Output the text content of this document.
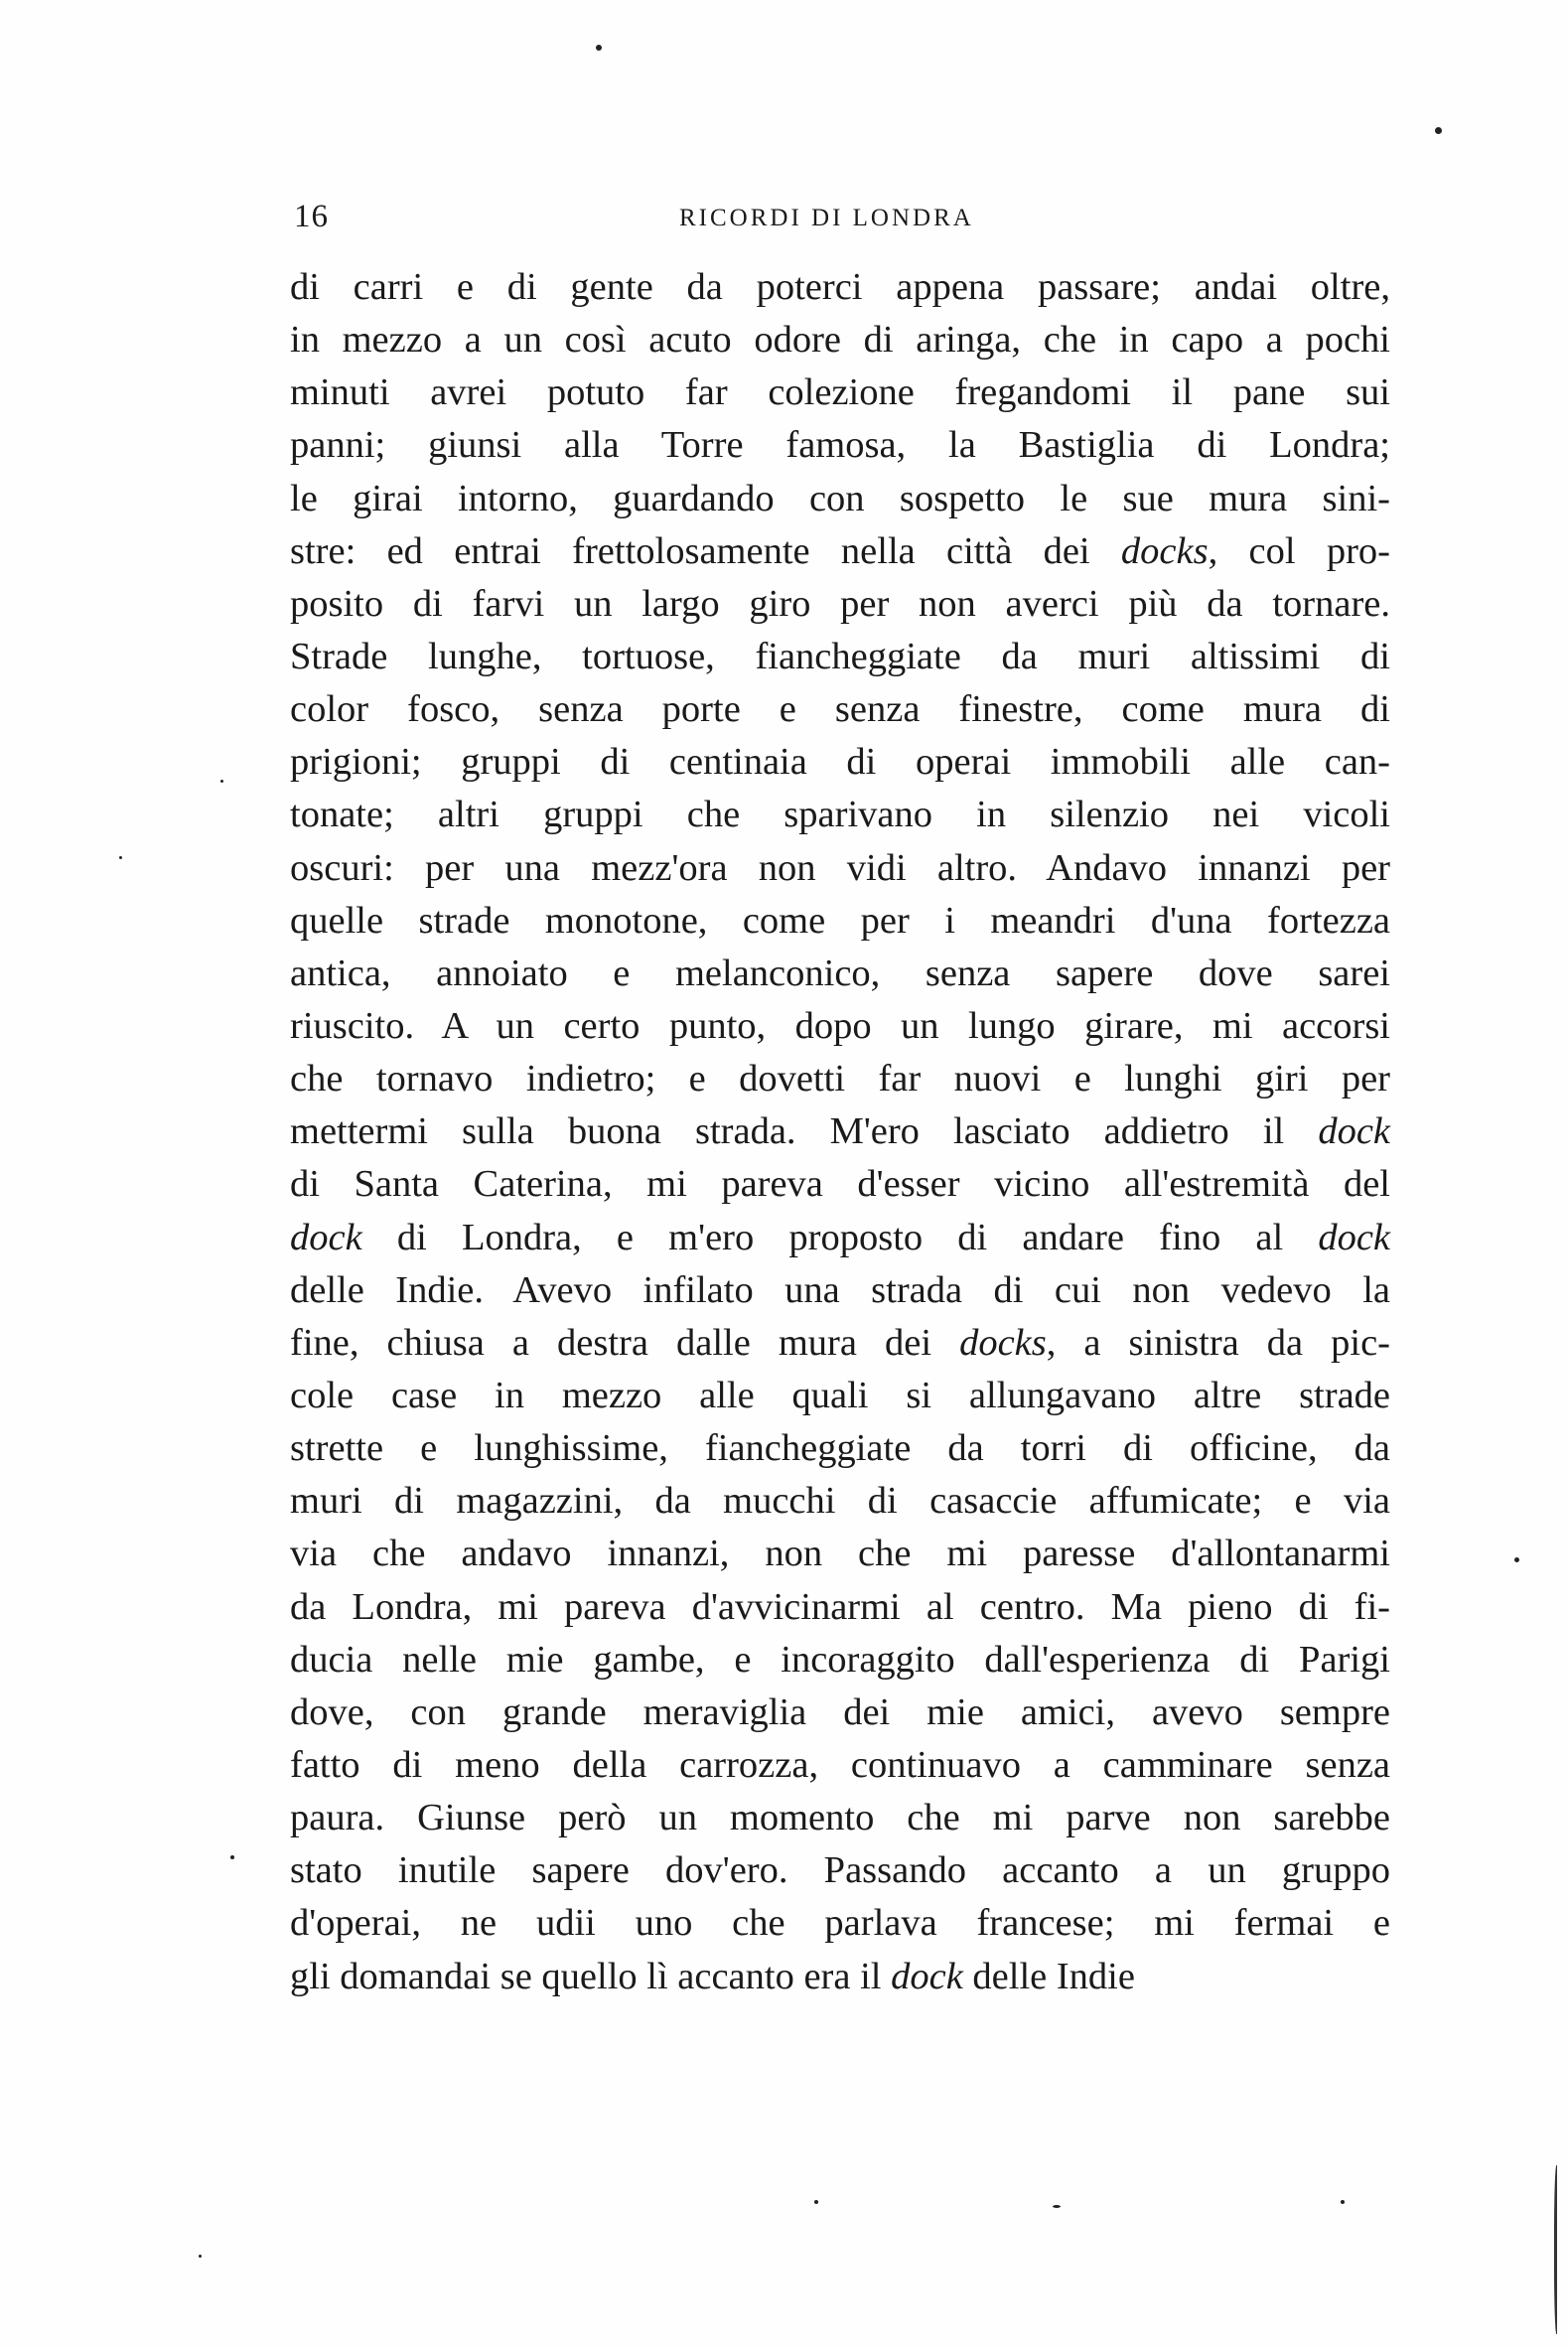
16	RICORDI DI LONDRA
di carri e di gente da poterci appena passare; andai oltre,
in mezzo a un così acuto odore di aringa, che in capo a pochi
minuti avrei potuto far colezione fregandomi il pane sui
panni; giunsi alla Torre famosa, la Bastiglia di Londra;
le girai intorno, guardando con sospetto le sue mura sini-
stre: ed entrai frettolosamente nella città dei docks, col pro-
posito di farvi un largo giro per non averci più da tornare.
Strade lunghe, tortuose, fiancheggiate da muri altissimi di
color fosco, senza porte e senza finestre, come mura di
prigioni; gruppi di centinaia di operai immobili alle can-
tonate; altri gruppi che sparivano in silenzio nei vicoli
oscuri: per una mezz'ora non vidi altro. Andavo innanzi per
quelle strade monotone, come per i meandri d'una fortezza
antica, annoiato e melanconico, senza sapere dove sarei
riuscito. A un certo punto, dopo un lungo girare, mi accorsi
che tornavo indietro; e dovetti far nuovi e lunghi giri per
mettermi sulla buona strada. M'ero lasciato addietro il dock
di Santa Caterina, mi pareva d'esser vicino all'estremità del
dock di Londra, e m'ero proposto di andare fino al dock
delle Indie. Avevo infilato una strada di cui non vedevo la
fine, chiusa a destra dalle mura dei docks, a sinistra da pic-
cole case in mezzo alle quali si allungavano altre strade
strette e lunghissime, fiancheggiate da torri di officine, da
muri di magazzini, da mucchi di casaccie affumicate; e via
via che andavo innanzi, non che mi paresse d'allontanarmi
da Londra, mi pareva d'avvicinarmi al centro. Ma pieno di fi-
ducia nelle mie gambe, e incoraggito dall'esperienza di Parigi
dove, con grande meraviglia dei mie amici, avevo sempre
fatto di meno della carrozza, continuavo a camminare senza
paura. Giunse però un momento che mi parve non sarebbe
stato inutile sapere dov'ero. Passando accanto a un gruppo
d'operai, ne udii uno che parlava francese; mi fermai e
gli domandai se quello lì accanto era il dock delle Indie
